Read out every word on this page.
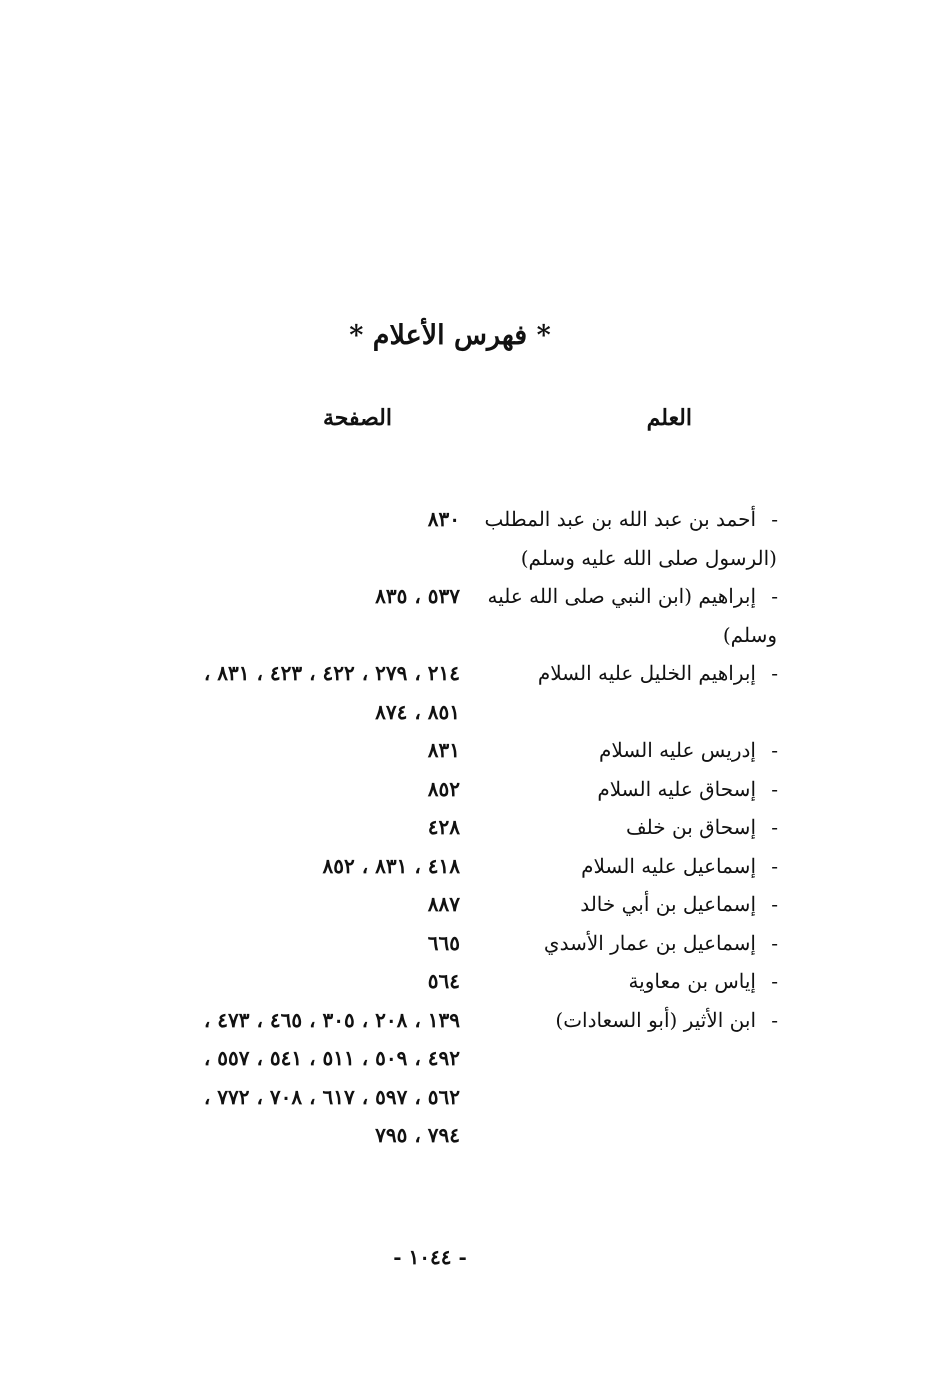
* فهرس الأعلام *
العلم
الصفحة
-
أحمد بن عبد الله بن عبد المطلب
٨٣٠
(الرسول صلى الله عليه وسلم)
-
إبراهيم (ابن النبي صلى الله عليه
٥٣٧ ، ٨٣٥
وسلم)
-
إبراهيم الخليل عليه السلام
٢١٤ ، ٢٧٩ ، ٤٢٢ ، ٤٢٣ ، ٨٣١ ،
٨٥١ ، ٨٧٤
-
إدريس عليه السلام
٨٣١
-
إسحاق عليه السلام
٨٥٢
-
إسحاق بن خلف
٤٢٨
-
إسماعيل عليه السلام
٤١٨ ، ٨٣١ ، ٨٥٢
-
إسماعيل بن أبي خالد
٨٨٧
-
إسماعيل بن عمار الأسدي
٦٦٥
-
إياس بن معاوية
٥٦٤
-
ابن الأثير (أبو السعادات)
١٣٩ ، ٢٠٨ ، ٣٠٥ ، ٤٦٥ ، ٤٧٣ ،
٤٩٢ ، ٥٠٩ ، ٥١١ ، ٥٤١ ، ٥٥٧ ،
٥٦٢ ، ٥٩٧ ، ٦١٧ ، ٧٠٨ ، ٧٧٢ ،
٧٩٤ ، ٧٩٥
- ١٠٤٤ -
